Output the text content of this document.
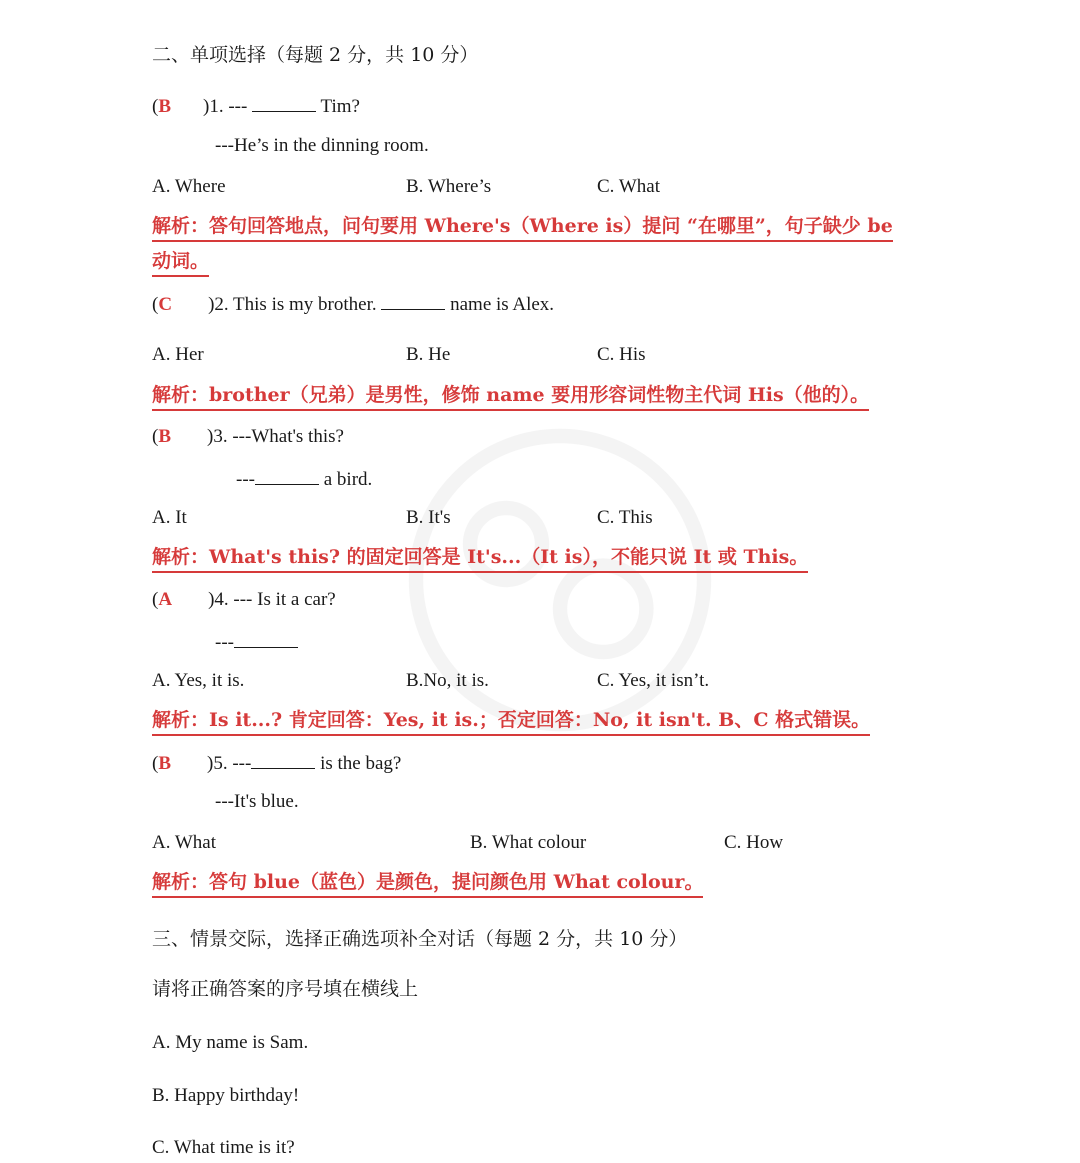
二、单项选择（每题 2 分，共 10 分）
(B )1. ---	Tim?
---He’s in the dinning room.
A. Where	B. Where’s	C. What
解析：答句回答地点，问句要用 Where's（Where is）提问 “在哪里”，句子缺少 be
动词。
(C )2. This is my brother.	name is Alex.
A. Her	B. He	C. His
解析：brother（兄弟）是男性，修饰 name 要用形容词性物主代词 His（他的）。
(B )3. ---What's this?
---	a bird.
A. It	B. It's	C. This
解析：What's this? 的固定回答是 It's...（It is），不能只说 It 或 This。
(A )4. --- Is it a car?
---
A. Yes, it is.	B.No, it is.	C. Yes, it isn’t.
解析：Is it...? 肯定回答：Yes, it is.；否定回答：No, it isn't. B、C 格式错误。
(B )5. ---	is the bag?
---It's blue.
A. What	B. What colour	C. How
解析：答句 blue（蓝色）是颜色，提问颜色用 What colour。
三、情景交际，选择正确选项补全对话（每题 2 分，共 10 分）
请将正确答案的序号填在横线上
A. My name is Sam.
B. Happy birthday!
C. What time is it?
